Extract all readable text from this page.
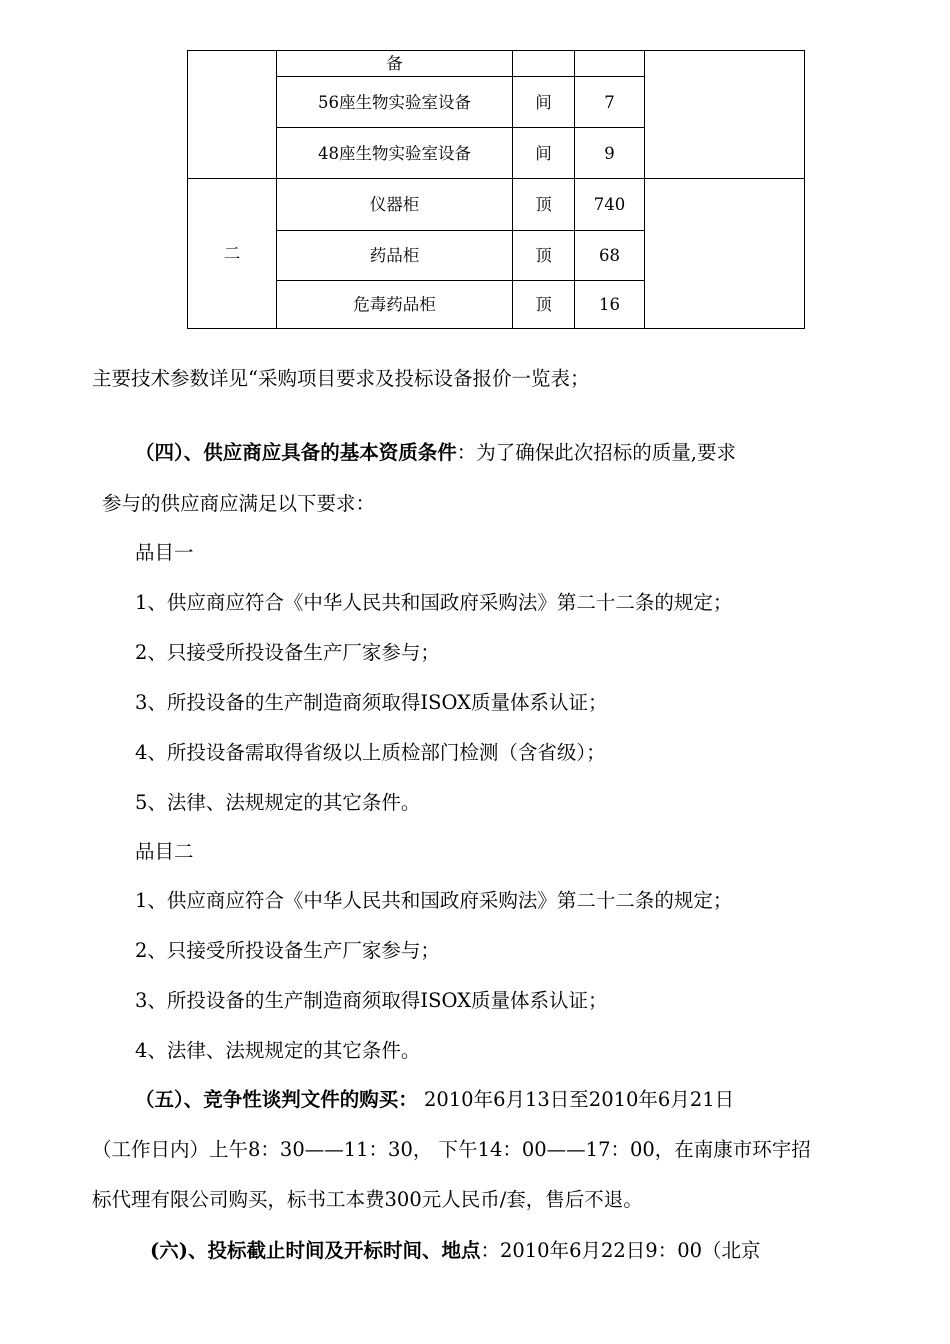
	备			
	56座生物实验室设备	间	7	
	48座生物实验室设备	间	9	
二	仪器柜	顶	740	
	药品柜	顶	68	
	危毒药品柜	顶	16	
主要技术参数详见“采购项目要求及投标设备报价一览表；
（四）、供应商应具备的基本资质条件：为了确保此次招标的质量,要求
参与的供应商应满足以下要求：
品目一
1、供应商应符合《中华人民共和国政府采购法》第二十二条的规定；
2、只接受所投设备生产厂家参与；
3、所投设备的生产制造商须取得ISOX质量体系认证；
4、所投设备需取得省级以上质检部门检测（含省级）；
5、法律、法规规定的其它条件。
品目二
1、供应商应符合《中华人民共和国政府采购法》第二十二条的规定；
2、只接受所投设备生产厂家参与；
3、所投设备的生产制造商须取得ISOX质量体系认证；
4、法律、法规规定的其它条件。
（五）、竞争性谈判文件的购买： 2010年6月13日至2010年6月21日
（工作日内）上午8：30——11：30， 下午14：00——17：00，在南康市环宇招
标代理有限公司购买，标书工本费300元人民币/套，售后不退。
(六)、投标截止时间及开标时间、地点：2010年6月22日9：00（北京
